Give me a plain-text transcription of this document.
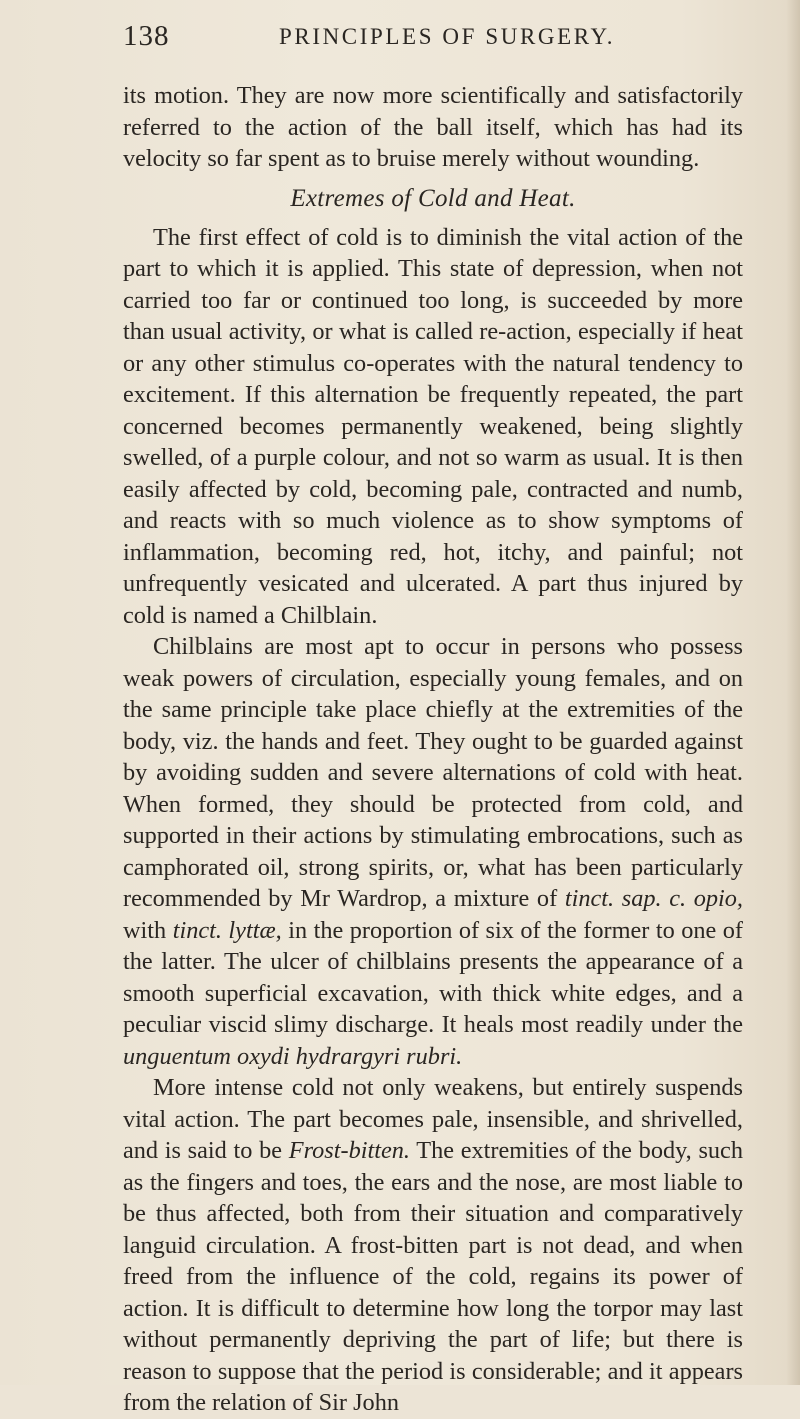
138	PRINCIPLES OF SURGERY.

its motion. They are now more scientifically and satisfactorily referred to the action of the ball itself, which has had its velocity so far spent as to bruise merely without wounding.

Extremes of Cold and Heat.

The first effect of cold is to diminish the vital action of the part to which it is applied. This state of depression, when not carried too far or continued too long, is succeeded by more than usual activity, or what is called re-action, especially if heat or any other stimulus co-operates with the natural tendency to excitement. If this alternation be frequently repeated, the part concerned becomes permanently weakened, being slightly swelled, of a purple colour, and not so warm as usual. It is then easily affected by cold, becoming pale, contracted and numb, and reacts with so much violence as to show symptoms of inflammation, becoming red, hot, itchy, and painful; not unfrequently vesicated and ulcerated. A part thus injured by cold is named a Chilblain.

Chilblains are most apt to occur in persons who possess weak powers of circulation, especially young females, and on the same principle take place chiefly at the extremities of the body, viz. the hands and feet. They ought to be guarded against by avoiding sudden and severe alternations of cold with heat. When formed, they should be protected from cold, and supported in their actions by stimulating embrocations, such as camphorated oil, strong spirits, or, what has been particularly recommended by Mr Wardrop, a mixture of tinct. sap. c. opio, with tinct. lyttæ, in the proportion of six of the former to one of the latter. The ulcer of chilblains presents the appearance of a smooth superficial excavation, with thick white edges, and a peculiar viscid slimy discharge. It heals most readily under the unguentum oxydi hydrargyri rubri.

More intense cold not only weakens, but entirely suspends vital action. The part becomes pale, insensible, and shrivelled, and is said to be Frost-bitten. The extremities of the body, such as the fingers and toes, the ears and the nose, are most liable to be thus affected, both from their situation and comparatively languid circulation. A frost-bitten part is not dead, and when freed from the influence of the cold, regains its power of action. It is difficult to determine how long the torpor may last without permanently depriving the part of life; but there is reason to suppose that the period is considerable; and it appears from the relation of Sir John
